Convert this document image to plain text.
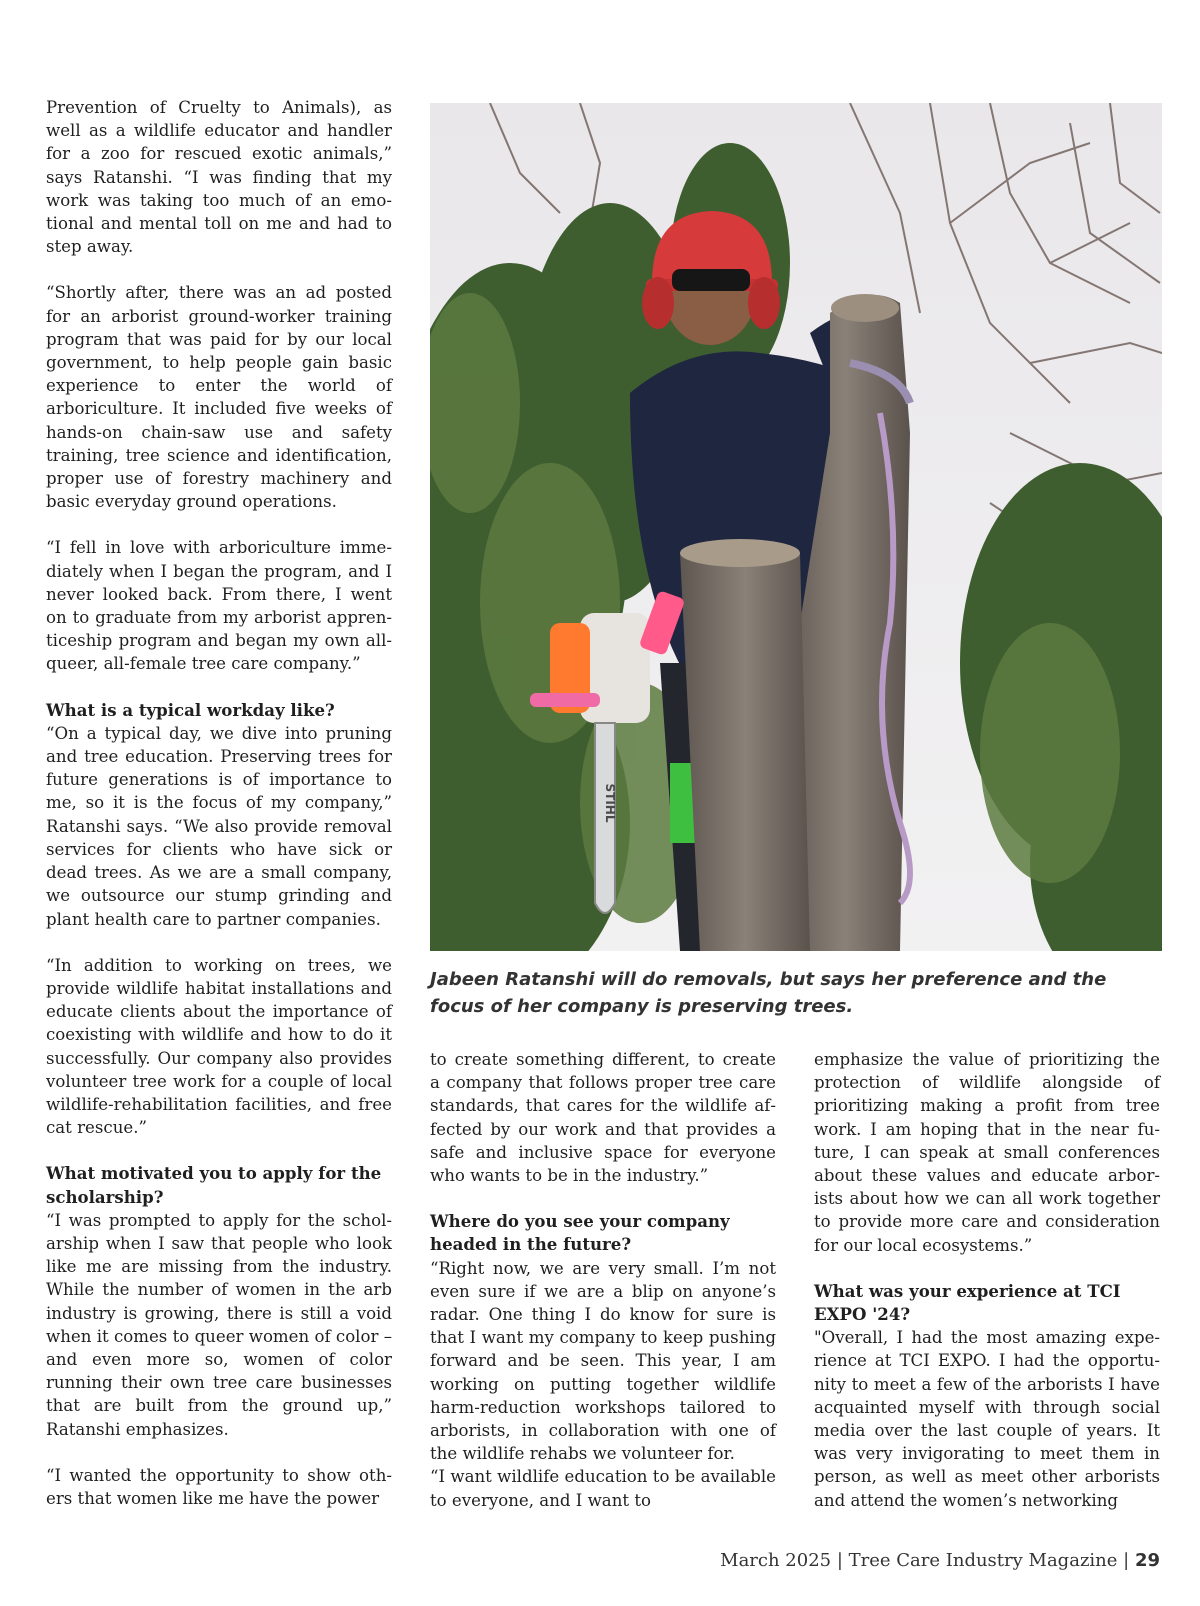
Prevention of Cruelty to Animals), as well as a wildlife educator and handler for a zoo for rescued exotic animals,” says Ratanshi. “I was finding that my work was taking too much of an emotional and mental toll on me and had to step away.

“Shortly after, there was an ad posted for an arborist ground-worker training program that was paid for by our local government, to help people gain basic experience to enter the world of arboriculture. It included five weeks of hands-on chain-saw use and safety training, tree science and identification, proper use of forestry machinery and basic everyday ground operations.

“I fell in love with arboriculture immediately when I began the program, and I never looked back. From there, I went on to graduate from my arborist apprenticeship program and began my own all-queer, all-female tree care company.”

What is a typical workday like?

“On a typical day, we dive into pruning and tree education. Preserving trees for future generations is of importance to me, so it is the focus of my company,” Ratanshi says. “We also provide removal services for clients who have sick or dead trees. As we are a small company, we outsource our stump grinding and plant health care to partner companies.

“In addition to working on trees, we provide wildlife habitat installations and educate clients about the importance of coexisting with wildlife and how to do it successfully. Our company also provides volunteer tree work for a couple of local wildlife-rehabilitation facilities, and free cat rescue.”

What motivated you to apply for the scholarship?

“I was prompted to apply for the scholarship when I saw that people who look like me are missing from the industry. While the number of women in the arb industry is growing, there is still a void when it comes to queer women of color – and even more so, women of color running their own tree care businesses that are built from the ground up,” Ratanshi emphasizes.

“I wanted the opportunity to show others that women like me have the power

STIHL
Jabeen Ratanshi will do removals, but says her preference and the focus of her company is preserving trees.

to create something different, to create a company that follows proper tree care standards, that cares for the wildlife affected by our work and that provides a safe and inclusive space for everyone who wants to be in the industry.”

Where do you see your company headed in the future?

“Right now, we are very small. I’m not even sure if we are a blip on anyone’s radar. One thing I do know for sure is that I want my company to keep pushing forward and be seen. This year, I am working on putting together wildlife harm-reduction workshops tailored to arborists, in collaboration with one of the wildlife rehabs we volunteer for.

“I want wildlife education to be available to everyone, and I want to

emphasize the value of prioritizing the protection of wildlife alongside of prioritizing making a profit from tree work. I am hoping that in the near future, I can speak at small conferences about these values and educate arborists about how we can all work together to provide more care and consideration for our local ecosystems.”

What was your experience at TCI EXPO '24?

"Overall, I had the most amazing experience at TCI EXPO. I had the opportunity to meet a few of the arborists I have acquainted myself with through social media over the last couple of years. It was very invigorating to meet them in person, as well as meet other arborists and attend the women’s networking

March 2025 | Tree Care Industry Magazine | 29
